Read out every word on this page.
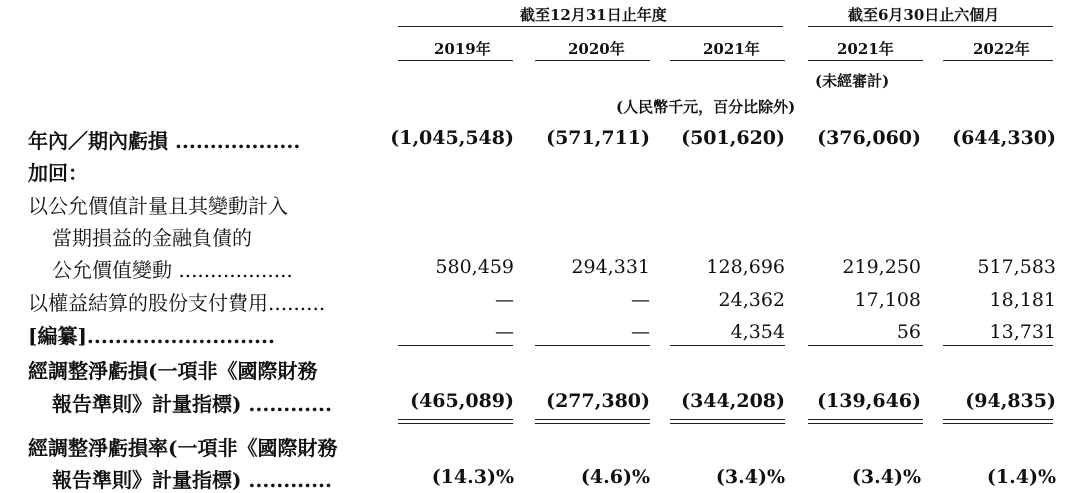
截至12月31日止年度	截至6月30日止六個月
2019年	2020年	2021年	2021年	2022年
(未經審計)
(人民幣千元，百分比除外)
年內／期內虧損 ..................	(1,045,548) (571,711) (501,620) (376,060) (644,330)
加回：
以公允價值計量且其變動計入
當期損益的金融負債的
公允價值變動 ..................	580,459	294,331	128,696	219,250	517,583
以權益結算的股份支付費用.........	—	—	24,362	17,108	18,181
[編纂]...........................	—	—	4,354	56	13,731
經調整淨虧損(一項非《國際財務
報告準則》計量指標) ............	(465,089) (277,380) (344,208) (139,646) (94,835)
經調整淨虧損率(一項非《國際財務
報告準則》計量指標) ............	(14.3)%	(4.6)%	(3.4)%	(3.4)%	(1.4)%
